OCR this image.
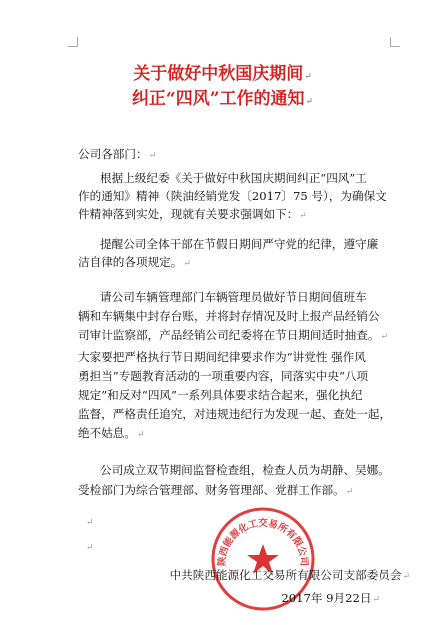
关于做好中秋国庆期间↵
纠正“四风”工作的通知↵
公司各部门：↵
根据上级纪委《关于做好中秋国庆期间纠正“四风”工
作的通知》精神（陕油经销党发〔2017〕75 号），为确保文
件精神落到实处，现就有关要求强调如下：↵
提醒公司全体干部在节假日期间严守党的纪律，遵守廉
洁自律的各项规定。↵
请公司车辆管理部门车辆管理员做好节日期间值班车
辆和车辆集中封存台账，并将封存情况及时上报产品经销公
司审计监察部，产品经销公司纪委将在节日期间适时抽查。↵
大家要把严格执行节日期间纪律要求作为“讲党性 强作风
勇担当”专题教育活动的一项重要内容，同落实中央“八项
规定”和反对“四风”一系列具体要求结合起来，强化执纪
监督，严格责任追究，对违规违纪行为发现一起、查处一起，
绝不姑息。↵
公司成立双节期间监督检查组，检查人员为胡静、吴娜。
受检部门为综合管理部、财务管理部、党群工作部。↵
↵
↵
陕西能源化工交易所有限公司
中共陕西能源化工交易所有限公司支部委员会↵
2017年 9月22日↵
